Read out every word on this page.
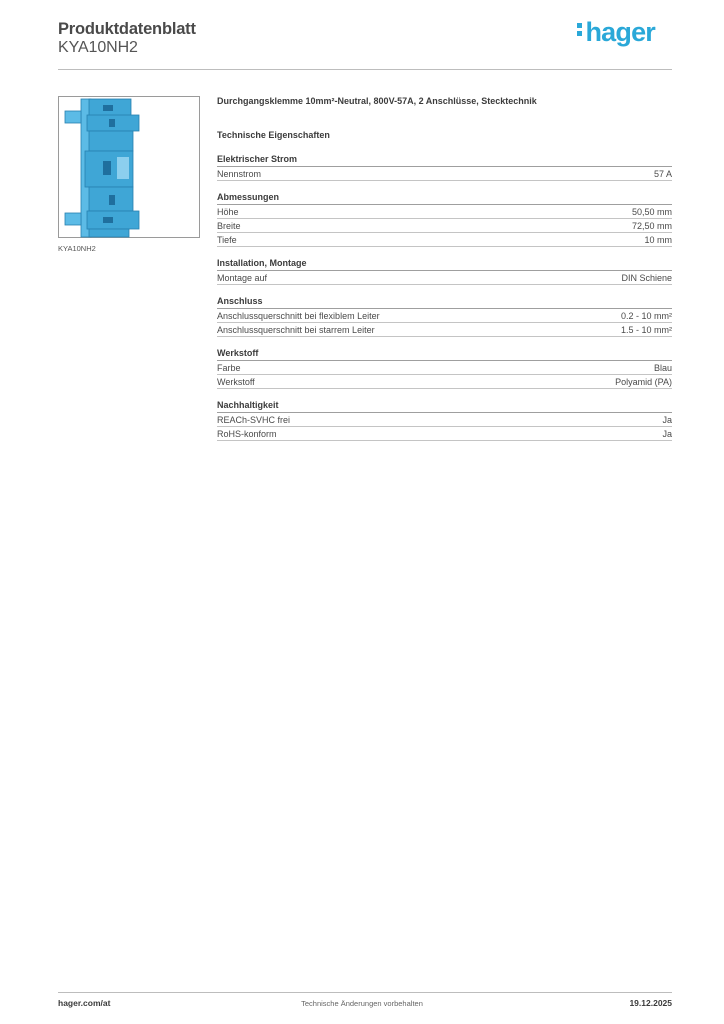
Produktdatenblatt
KYA10NH2
hager
KYA10NH2
Durchgangsklemme 10mm²-Neutral, 800V-57A, 2 Anschlüsse, Stecktechnik
Technische Eigenschaften
Elektrischer Strom
Nennstrom	57 A
Abmessungen
Höhe	50,50 mm
Breite	72,50 mm
Tiefe	10 mm
Installation, Montage
Montage auf	DIN Schiene
Anschluss
Anschlussquerschnitt bei flexiblem Leiter	0.2 - 10 mm²
Anschlussquerschnitt bei starrem Leiter	1.5 - 10 mm²
Werkstoff
Farbe	Blau
Werkstoff	Polyamid (PA)
Nachhaltigkeit
REACh-SVHC frei	Ja
RoHS-konform	Ja
hager.com/at	Technische Änderungen vorbehalten	19.12.2025
